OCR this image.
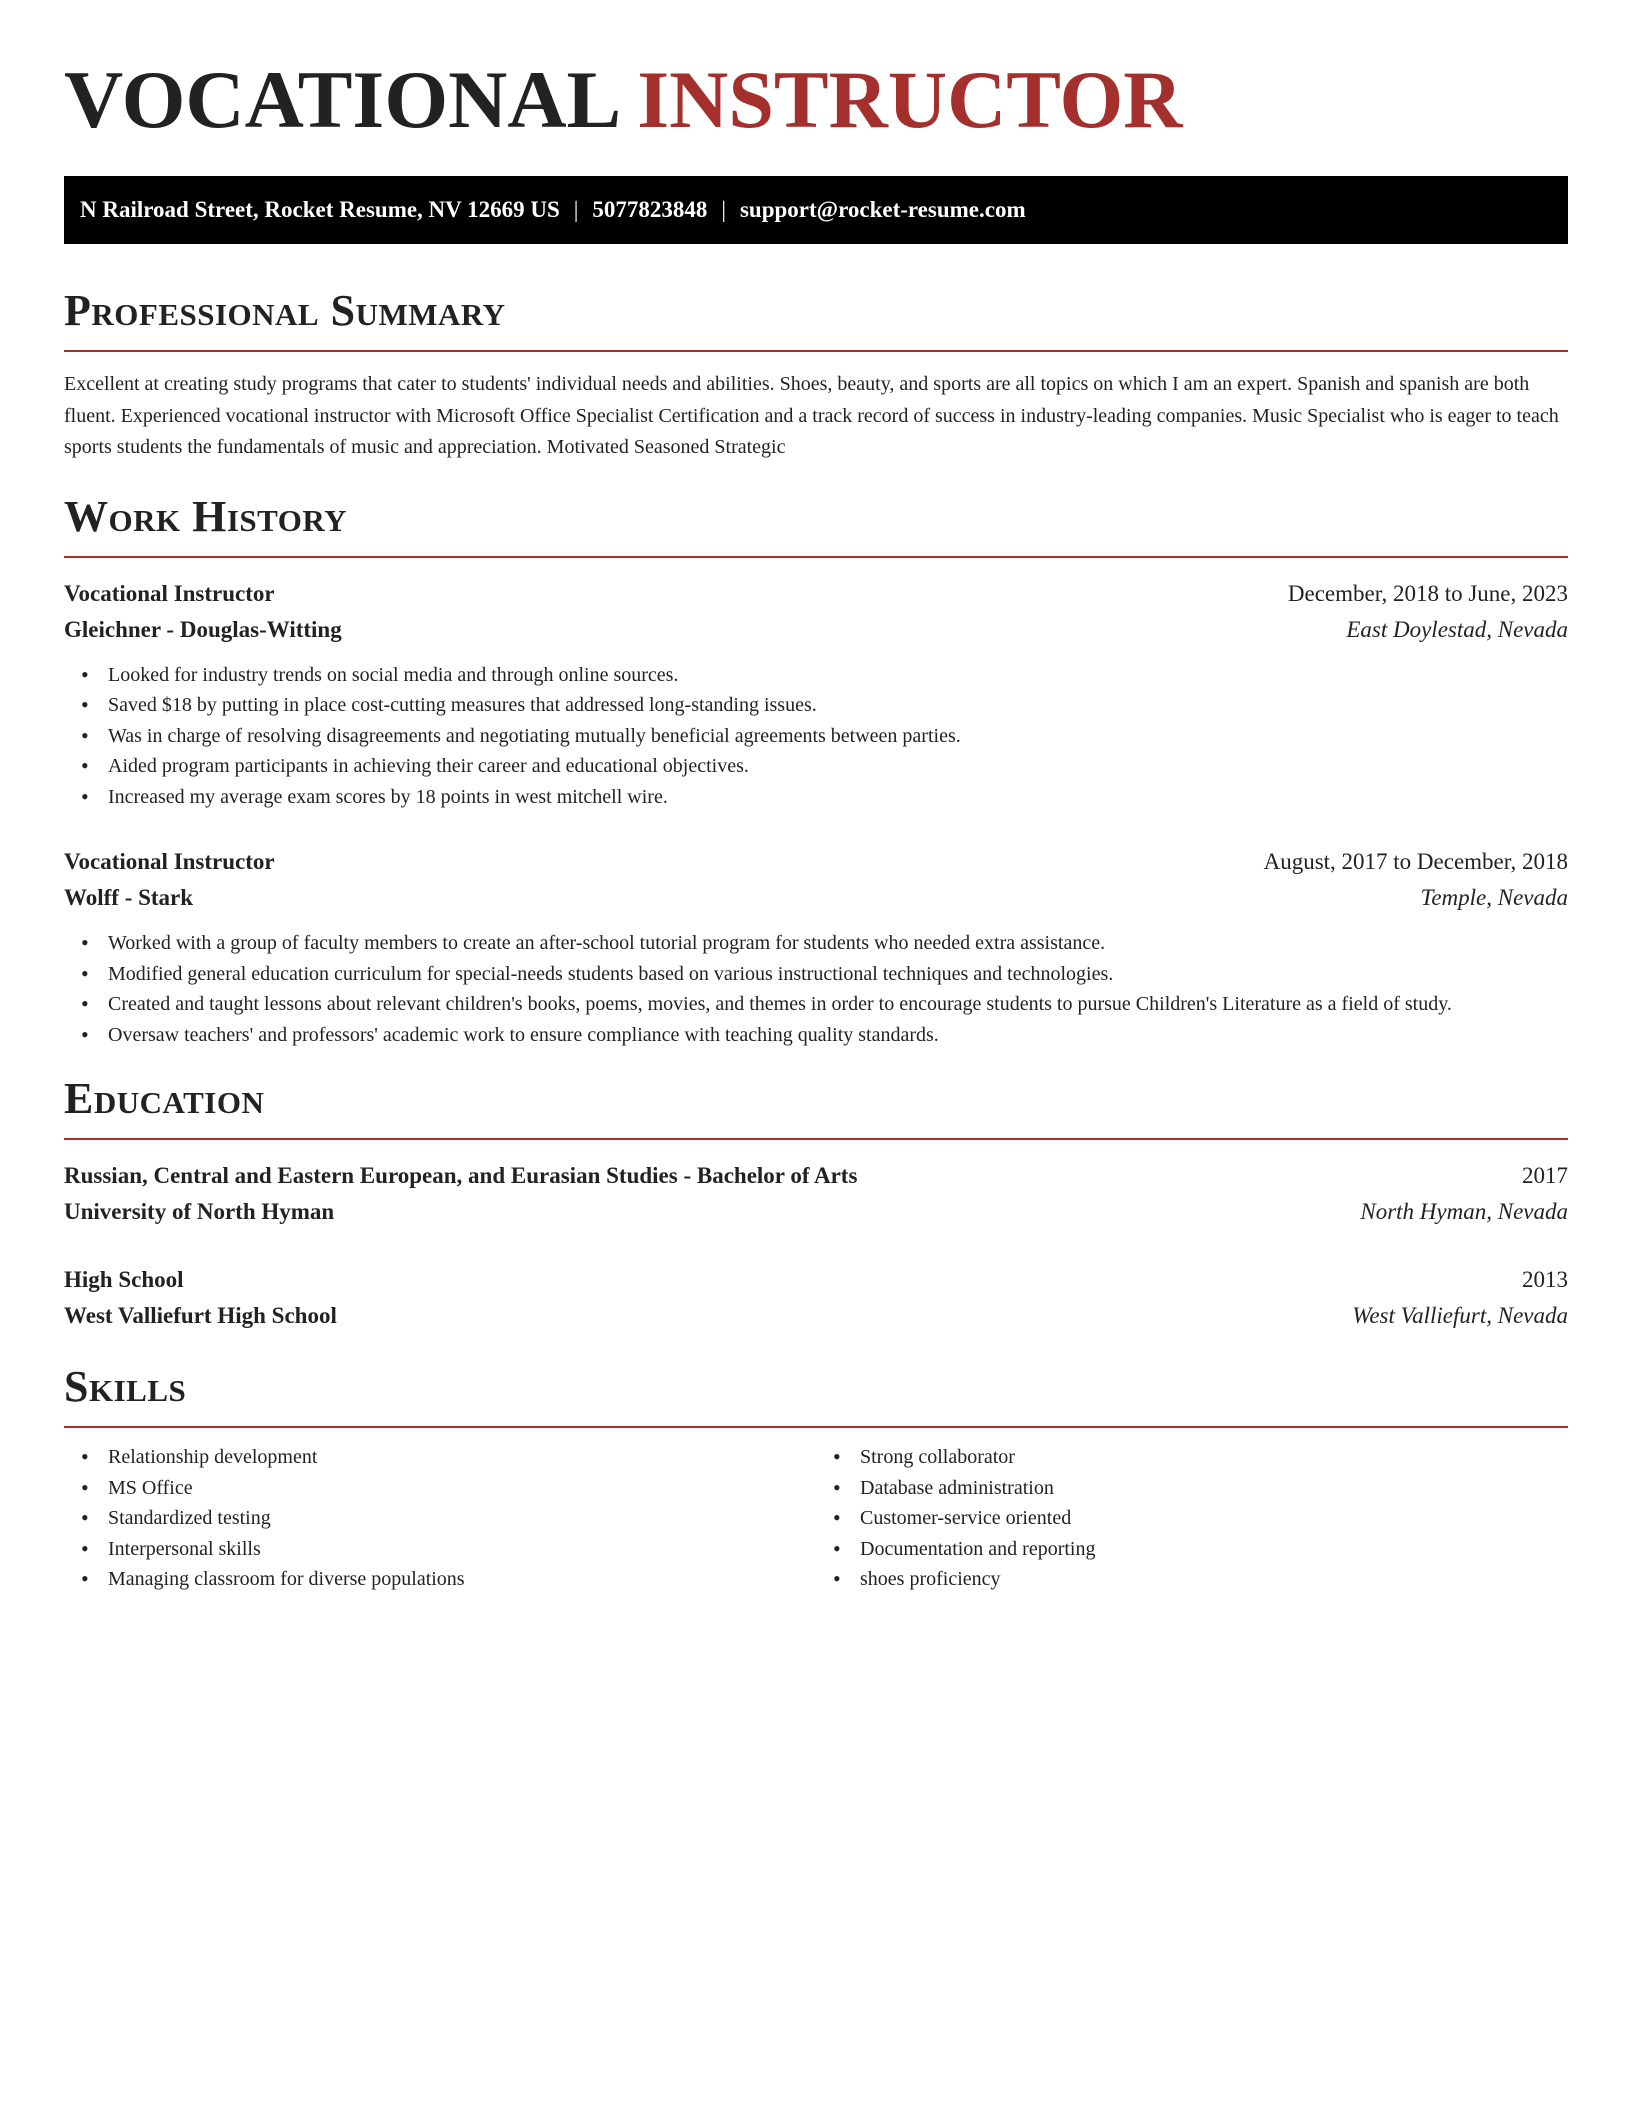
VOCATIONAL INSTRUCTOR
N Railroad Street, Rocket Resume, NV 12669 US | 5077823848 | support@rocket-resume.com
Professional Summary

Excellent at creating study programs that cater to students' individual needs and abilities. Shoes, beauty, and sports are all topics on which I am an expert. Spanish and spanish are both fluent. Experienced vocational instructor with Microsoft Office Specialist Certification and a track record of success in industry-leading companies. Music Specialist who is eager to teach sports students the fundamentals of music and appreciation. Motivated Seasoned Strategic

Work History
Vocational Instructor	December, 2018 to June, 2023
Gleichner - Douglas-Witting	East Doylestad, Nevada
• Looked for industry trends on social media and through online sources.
• Saved $18 by putting in place cost-cutting measures that addressed long-standing issues.
• Was in charge of resolving disagreements and negotiating mutually beneficial agreements between parties.
• Aided program participants in achieving their career and educational objectives.
• Increased my average exam scores by 18 points in west mitchell wire.
Vocational Instructor	August, 2017 to December, 2018
Wolff - Stark	Temple, Nevada
• Worked with a group of faculty members to create an after-school tutorial program for students who needed extra assistance.
• Modified general education curriculum for special-needs students based on various instructional techniques and technologies.
• Created and taught lessons about relevant children's books, poems, movies, and themes in order to encourage students to pursue Children's Literature as a field of study.
• Oversaw teachers' and professors' academic work to ensure compliance with teaching quality standards.
Education
Russian, Central and Eastern European, and Eurasian Studies - Bachelor of Arts	2017
University of North Hyman	North Hyman, Nevada
High School	2013
West Valliefurt High School	West Valliefurt, Nevada
Skills
• Relationship development
• MS Office
• Standardized testing
• Interpersonal skills
• Managing classroom for diverse populations
• Strong collaborator
• Database administration
• Customer-service oriented
• Documentation and reporting
• shoes proficiency
